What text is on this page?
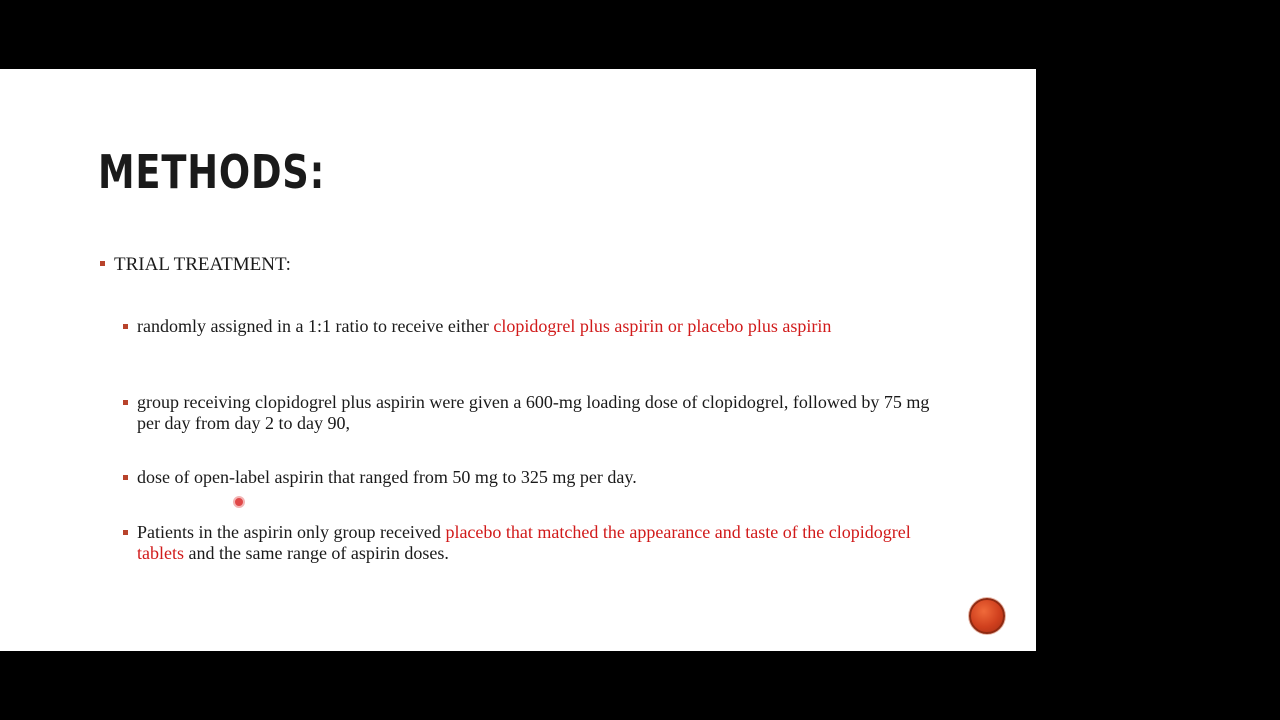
METHODS:
TRIAL TREATMENT:
randomly assigned in a 1:1 ratio to receive either clopidogrel plus aspirin or placebo plus aspirin
group receiving clopidogrel plus aspirin were given a 600-mg loading dose of clopidogrel, followed by 75 mg per day from day 2 to day 90,
dose of open-label aspirin that ranged from 50 mg to 325 mg per day.
Patients in the aspirin only group received placebo that matched the appearance and taste of the clopidogrel tablets and the same range of aspirin doses.
